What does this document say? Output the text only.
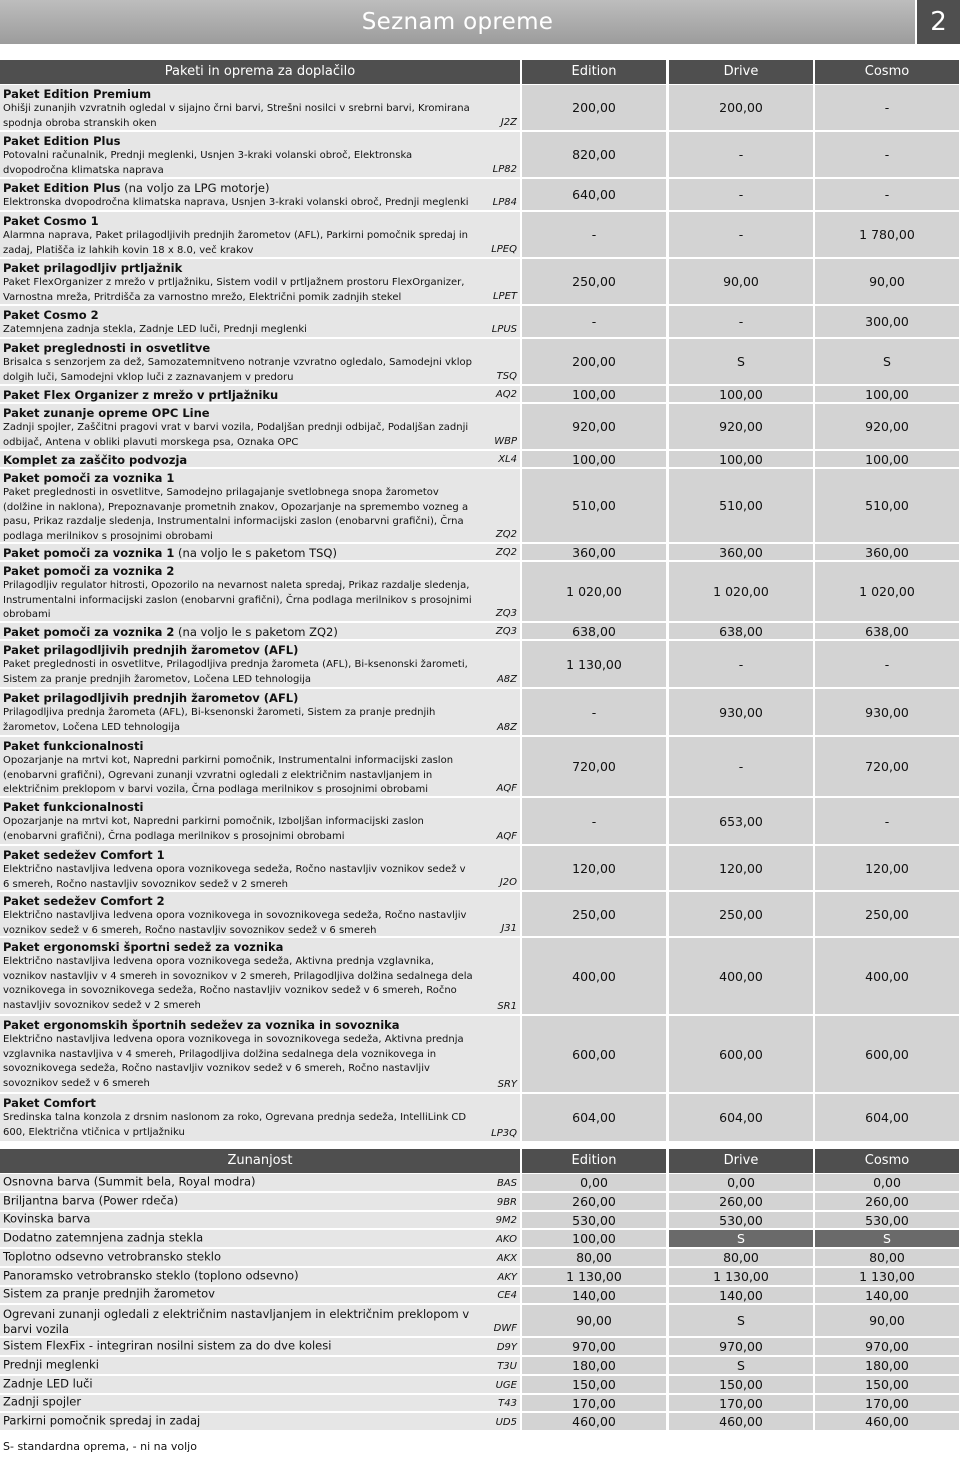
Seznam opreme	2
Paketi in oprema za doplačilo	Edition	Drive	Cosmo
Paket Edition Premium
Ohišji zunanjih vzvratnih ogledal v sijajno črni barvi, Strešni nosilci v srebrni barvi, Kromirana spodnja obroba stranskih oken	J2Z
200,00	200,00	-
Paket Edition Plus
Potovalni računalnik, Prednji meglenki, Usnjen 3-kraki volanski obroč, Elektronska dvopodročna klimatska naprava	LP82
820,00	-	-
Paket Edition Plus (na voljo za LPG motorje)
Elektronska dvopodročna klimatska naprava, Usnjen 3-kraki volanski obroč, Prednji meglenki	LP84
640,00	-	-
Paket Cosmo 1
Alarmna naprava, Paket prilagodljivih prednjih žarometov (AFL), Parkirni pomočnik spredaj in zadaj, Platišča iz lahkih kovin 18 x 8.0, več krakov	LPEQ
-	-	1 780,00
Paket prilagodljiv prtljažnik
Paket FlexOrganizer z mrežo v prtljažniku, Sistem vodil v prtljažnem prostoru FlexOrganizer, Varnostna mreža, Pritrdišča za varnostno mrežo, Električni pomik zadnjih stekel	LPET
250,00	90,00	90,00
Paket Cosmo 2
Zatemnjena zadnja stekla, Zadnje LED luči, Prednji meglenki	LPUS
-	-	300,00
Paket preglednosti in osvetlitve
Brisalca s senzorjem za dež, Samozatemnitveno notranje vzvratno ogledalo, Samodejni vklop dolgih luči, Samodejni vklop luči z zaznavanjem v predoru	TSQ
200,00	S	S
Paket Flex Organizer z mrežo v prtljažniku	AQ2	100,00	100,00	100,00
Paket zunanje opreme OPC Line
Zadnji spojler, Zaščitni pragovi vrat v barvi vozila, Podaljšan prednji odbijač, Podaljšan zadnji odbijač, Antena v obliki plavuti morskega psa, Oznaka OPC	WBP
920,00	920,00	920,00
Komplet za zaščito podvozja	XL4	100,00	100,00	100,00
Paket pomoči za voznika 1
Paket preglednosti in osvetlitve, Samodejno prilagajanje svetlobnega snopa žarometov (dolžine in naklona), Prepoznavanje prometnih znakov, Opozarjanje na spremembo vozneg a pasu, Prikaz razdalje sledenja, Instrumentalni informacijski zaslon (enobarvni grafični), Črna podlaga merilnikov s prosojnimi obrobami	ZQ2
510,00	510,00	510,00
Paket pomoči za voznika 1 (na voljo le s paketom TSQ)	ZQ2	360,00	360,00	360,00
Paket pomoči za voznika 2
Prilagodljiv regulator hitrosti, Opozorilo na nevarnost naleta spredaj, Prikaz razdalje sledenja, Instrumentalni informacijski zaslon (enobarvni grafični), Črna podlaga merilnikov s prosojnimi obrobami	ZQ3
1 020,00	1 020,00	1 020,00
Paket pomoči za voznika 2 (na voljo le s paketom ZQ2)	ZQ3	638,00	638,00	638,00
Paket prilagodljivih prednjih žarometov (AFL)
Paket preglednosti in osvetlitve, Prilagodljiva prednja žarometa (AFL), Bi-ksenonski žarometi, Sistem za pranje prednjih žarometov, Ločena LED tehnologija	A8Z
1 130,00	-	-
Paket prilagodljivih prednjih žarometov (AFL)
Prilagodljiva prednja žarometa (AFL), Bi-ksenonski žarometi, Sistem za pranje prednjih žarometov, Ločena LED tehnologija	A8Z
-	930,00	930,00
Paket funkcionalnosti
Opozarjanje na mrtvi kot, Napredni parkirni pomočnik, Instrumentalni informacijski zaslon (enobarvni grafični), Ogrevani zunanji vzvratni ogledali z električnim nastavljanjem in električnim preklopom v barvi vozila, Črna podlaga merilnikov s prosojnimi obrobami	AQF
720,00	-	720,00
Paket funkcionalnosti
Opozarjanje na mrtvi kot, Napredni parkirni pomočnik, Izboljšan informacijski zaslon (enobarvni grafični), Črna podlaga merilnikov s prosojnimi obrobami	AQF
-	653,00	-
Paket sedežev Comfort 1
Električno nastavljiva ledvena opora voznikovega sedeža, Ročno nastavljiv voznikov sedež v 6 smereh, Ročno nastavljiv sovoznikov sedež v 2 smereh	J2O
120,00	120,00	120,00
Paket sedežev Comfort 2
Električno nastavljiva ledvena opora voznikovega in sovoznikovega sedeža, Ročno nastavljiv voznikov sedež v 6 smereh, Ročno nastavljiv sovoznikov sedež v 6 smereh	J31
250,00	250,00	250,00
Paket ergonomski športni sedež za voznika
Električno nastavljiva ledvena opora voznikovega sedeža, Aktivna prednja vzglavnika, voznikov nastavljiv v 4 smereh in sovoznikov v 2 smereh, Prilagodljiva dolžina sedalnega dela voznikovega in sovoznikovega sedeža, Ročno nastavljiv voznikov sedež v 6 smereh, Ročno nastavljiv sovoznikov sedež v 2 smereh	SR1
400,00	400,00	400,00
Paket ergonomskih športnih sedežev za voznika in sovoznika
Električno nastavljiva ledvena opora voznikovega in sovoznikovega sedeža, Aktivna prednja vzglavnika nastavljiva v 4 smereh, Prilagodljiva dolžina sedalnega dela voznikovega in sovoznikovega sedeža, Ročno nastavljiv voznikov sedež v 6 smereh, Ročno nastavljiv sovoznikov sedež v 6 smereh	SRY
600,00	600,00	600,00
Paket Comfort
Sredinska talna konzola z drsnim naslonom za roko, Ogrevana prednja sedeža, IntelliLink CD 600, Električna vtičnica v prtljažniku	LP3Q
604,00	604,00	604,00
Zunanjost	Edition	Drive	Cosmo
Osnovna barva (Summit bela, Royal modra)	BAS	0,00	0,00	0,00
Briljantna barva (Power rdeča)	9BR	260,00	260,00	260,00
Kovinska barva	9M2	530,00	530,00	530,00
Dodatno zatemnjena zadnja stekla	AKO	100,00	S	S
Toplotno odsevno vetrobransko steklo	AKX	80,00	80,00	80,00
Panoramsko vetrobransko steklo (toplono odsevno)	AKY	1 130,00	1 130,00	1 130,00
Sistem za pranje prednjih žarometov	CE4	140,00	140,00	140,00
Ogrevani zunanji ogledali z električnim nastavljanjem in električnim preklopom v barvi vozila	DWF
90,00	S	90,00
Sistem FlexFix - integriran nosilni sistem za do dve kolesi	D9Y	970,00	970,00	970,00
Prednji meglenki	T3U	180,00	S	180,00
Zadnje LED luči	UGE	150,00	150,00	150,00
Zadnji spojler	T43	170,00	170,00	170,00
Parkirni pomočnik spredaj in zadaj	UD5	460,00	460,00	460,00
S- standardna oprema, - ni na voljo
